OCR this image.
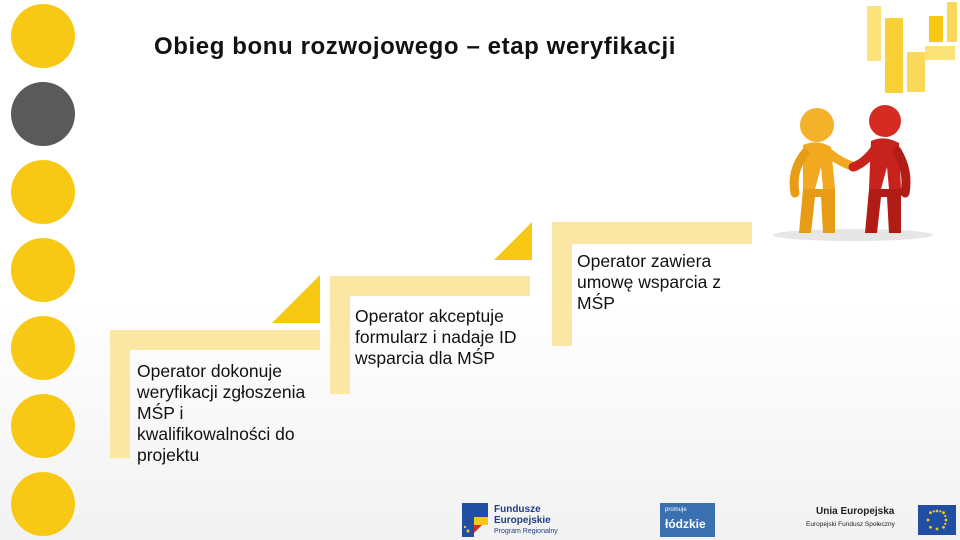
Obieg bonu rozwojowego – etap weryfikacji
Operator dokonuje weryfikacji zgłoszenia MŚP i kwalifikowalności do projektu
Operator akceptuje formularz i nadaje ID wsparcia dla MŚP
Operator zawiera umowę wsparcia z MŚP
Fundusze
Europejskie
Program Regionalny
promuje
łódzkie
Unia Europejska
Europejski Fundusz Społeczny
